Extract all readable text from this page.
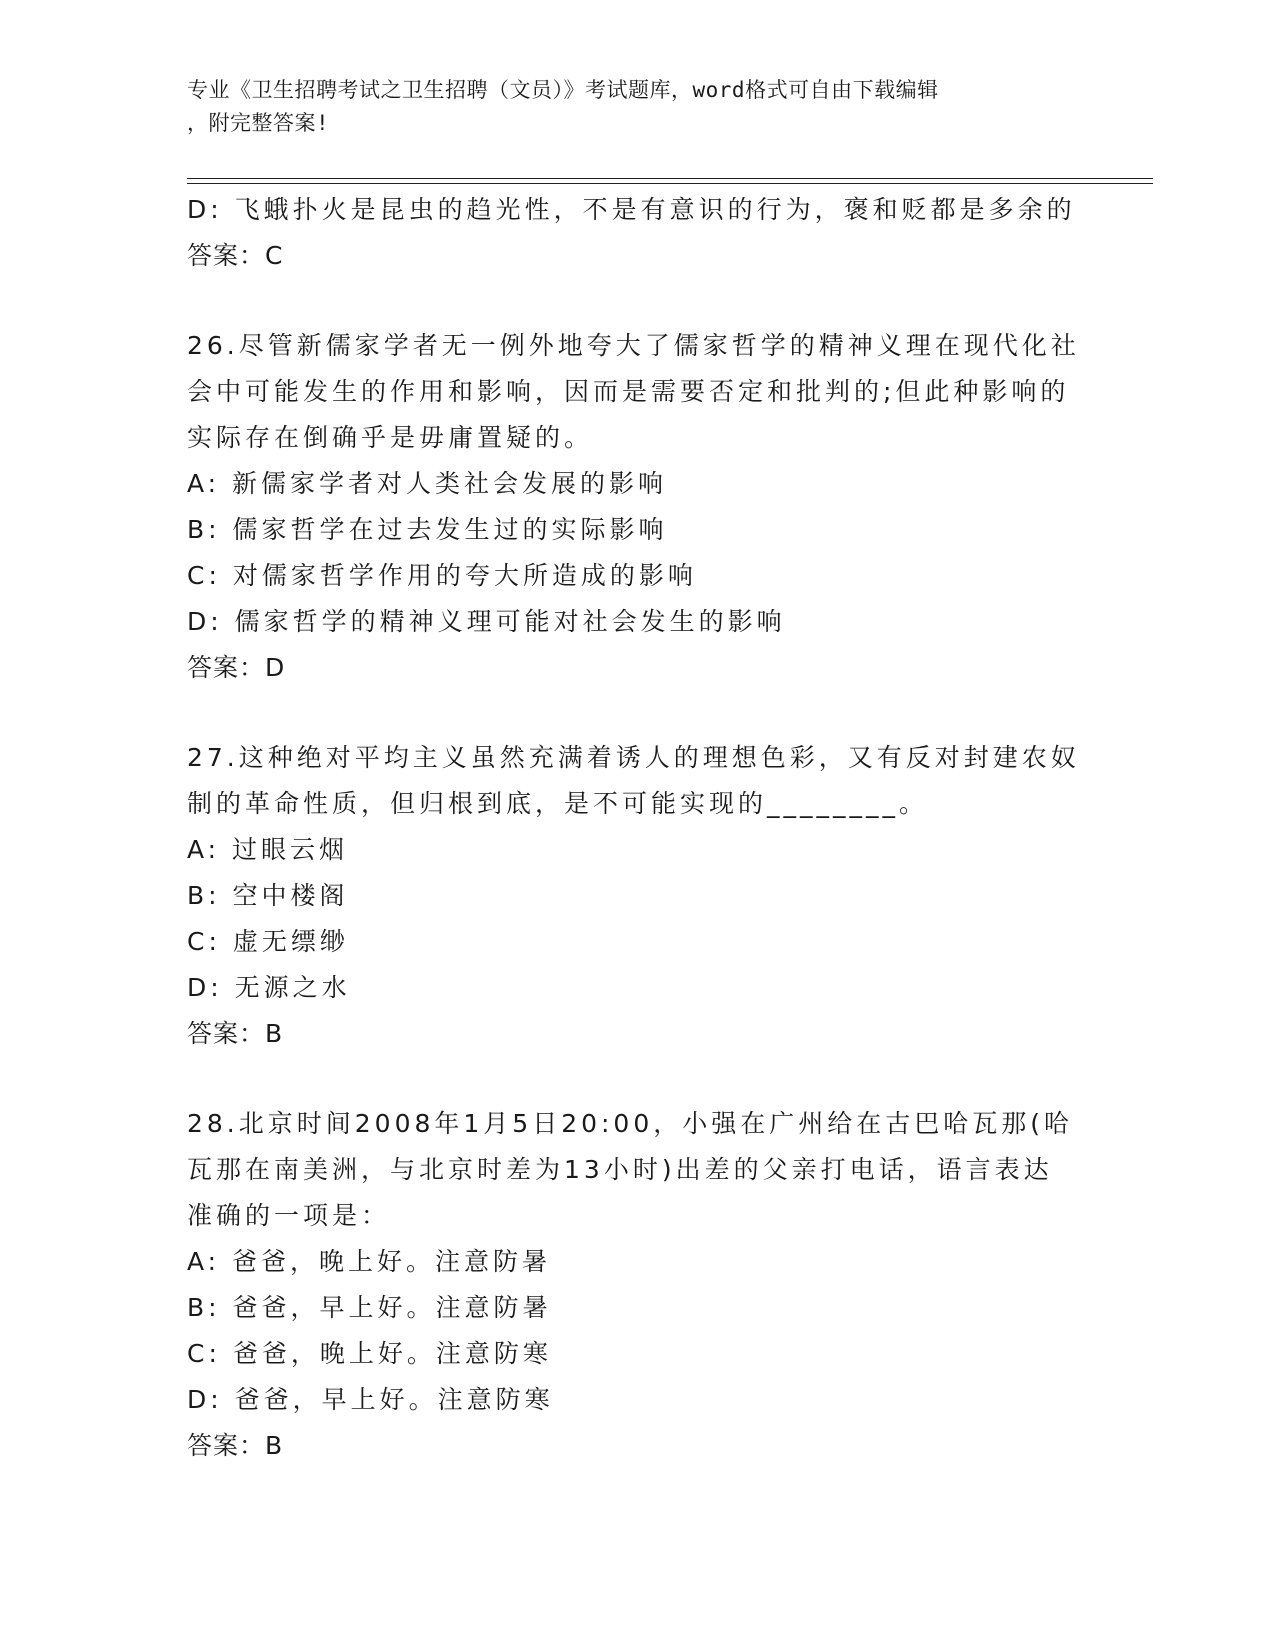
专业《卫生招聘考试之卫生招聘（文员）》考试题库，word格式可自由下载编辑
，附完整答案!
D: 飞蛾扑火是昆虫的趋光性，不是有意识的行为，褒和贬都是多余的
答案：C
26.尽管新儒家学者无一例外地夸大了儒家哲学的精神义理在现代化社
会中可能发生的作用和影响，因而是需要否定和批判的;但此种影响的
实际存在倒确乎是毋庸置疑的。
A: 新儒家学者对人类社会发展的影响
B: 儒家哲学在过去发生过的实际影响
C: 对儒家哲学作用的夸大所造成的影响
D: 儒家哲学的精神义理可能对社会发生的影响
答案：D
27.这种绝对平均主义虽然充满着诱人的理想色彩，又有反对封建农奴
制的革命性质，但归根到底，是不可能实现的________。
A: 过眼云烟
B: 空中楼阁
C: 虚无缥缈
D: 无源之水
答案：B
28.北京时间2008年1月5日20:00，小强在广州给在古巴哈瓦那(哈
瓦那在南美洲，与北京时差为13小时)出差的父亲打电话，语言表达
准确的一项是：
A: 爸爸，晚上好。注意防暑
B: 爸爸，早上好。注意防暑
C: 爸爸，晚上好。注意防寒
D: 爸爸，早上好。注意防寒
答案：B
